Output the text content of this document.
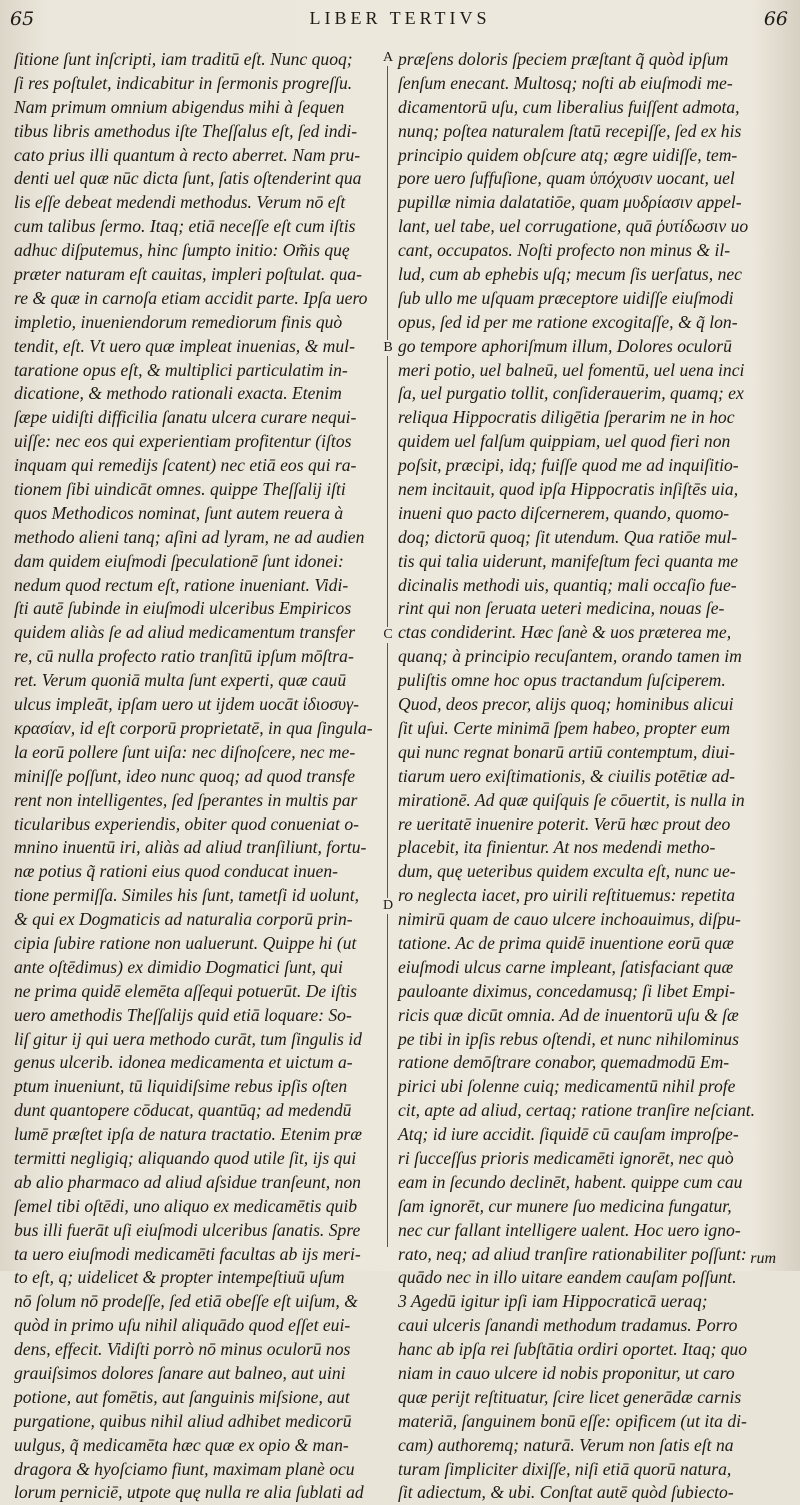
65	LIBER TERTIVS	66
ſitione ſunt inſcripti, iam traditū eſt. Nunc quoq;
ſi res poſtulet, indicabitur in ſermonis progreſſu.
Nam primum omnium abigendus mihi à ſequen
tibus libris amethodus iſte Theſſalus eſt, ſed indi-
cato prius illi quantum à recto aberret. Nam pru-
denti uel quæ nūc dicta ſunt, ſatis oſtenderint qua
lis eſſe debeat medendi methodus. Verum nō eſt
cum talibus ſermo. Itaq; etiā neceſſe eſt cum iſtis
adhuc diſputemus, hinc ſumpto initio: Om̃is quę
præter naturam eſt cauitas, impleri poſtulat. qua-
re & quæ in carnoſa etiam accidit parte. Ipſa uero
impletio, inueniendorum remediorum finis quò
tendit, eſt. Vt uero quæ impleat inuenias, & mul-
taratione opus eſt, & multiplici particulatim in-
dicatione, & methodo rationali exacta. Etenim
ſæpe uidiſti difficilia ſanatu ulcera curare nequi-
uiſſe: nec eos qui experientiam profitentur (iſtos
inquam qui remedijs ſcatent) nec etiā eos qui ra-
tionem ſibi uindicāt omnes. quippe Theſſalij iſti
quos Methodicos nominat, ſunt autem reuera à
methodo alieni tanq; aſini ad lyram, ne ad audien
dam quidem eiuſmodi ſpeculationē ſunt idonei:
nedum quod rectum eſt, ratione inueniant. Vidi-
ſti autē ſubinde in eiuſmodi ulceribus Empiricos
quidem aliàs ſe ad aliud medicamentum transfer
re, cū nulla profecto ratio tranſitū ipſum mōſtra-
ret. Verum quoniā multa ſunt experti, quæ cauū
ulcus impleāt, ipſam uero ut ijdem uocāt ἰδιοσυγ-
κρασίαν, id eſt corporū proprietatē, in qua ſingula-
la eorū pollere ſunt uiſa: nec diſnoſcere, nec me-
miniſſe poſſunt, ideo nunc quoq; ad quod transfe
rent non intelligentes, ſed ſperantes in multis par
ticularibus experiendis, obiter quod conueniat o-
mnino inuentū iri, aliàs ad aliud tranſiliunt, fortu-
næ potius q̃ rationi eius quod conducat inuen-
tione permiſſa. Similes his ſunt, tametſi id uolunt,
& qui ex Dogmaticis ad naturalia corporū prin-
cipia ſubire ratione non ualuerunt. Quippe hi (ut
ante oſtēdimus) ex dimidio Dogmatici ſunt, qui
ne prima quidē elemēta aſſequi potuerūt. De iſtis
uero amethodis Theſſalijs quid etiā loquare: So-
liſ gitur ij qui uera methodo curāt, tum ſingulis id
genus ulcerib. idonea medicamenta et uictum a-
ptum inueniunt, tū liquidiſsime rebus ipſis oſten
dunt quantopere cōducat, quantūq; ad medendū
lumē præſtet ipſa de natura tractatio. Etenim præ
termitti negligiq; aliquando quod utile ſit, ijs qui
ab alio pharmaco ad aliud aſsidue tranſeunt, non
ſemel tibi oſtēdi, uno aliquo ex medicamētis quib
bus illi fuerāt uſi eiuſmodi ulceribus ſanatis. Spre
ta uero eiuſmodi medicamēti facultas ab ijs meri-
to eſt, q; uidelicet & propter intempeſtiuū uſum
nō ſolum nō prodeſſe, ſed etiā obeſſe eſt uiſum, &
quòd in primo uſu nihil aliquādo quod eſſet eui-
dens, effecit. Vidiſti porrò nō minus oculorū nos
grauiſsimos dolores ſanare aut balneo, aut uini
potione, aut fomētis, aut ſanguinis miſsione, aut
purgatione, quibus nihil aliud adhibet medicorū
uulgus, q̃ medicamēta hæc quæ ex opio & man-
dragora & hyoſciamo fiunt, maximam planè ocu
lorum perniciē, utpote quę nulla re alia ſublati ad
A
B
C
D
præſens doloris ſpeciem præſtant q̃ quòd ipſum
ſenſum enecant. Multosq; noſti ab eiuſmodi me-
dicamentorū uſu, cum liberalius fuiſſent admota,
nunq; poſtea naturalem ſtatū recepiſſe, ſed ex his
principio quidem obſcure atq; ægre uidiſſe, tem-
pore uero ſuffuſione, quam ὑπόχυσιν uocant, uel
pupillæ nimia dalatatiōe, quam μυδρίασιν appel-
lant, uel tabe, uel corrugatione, quā ῥυτίδωσιν uo
cant, occupatos. Noſti profecto non minus & il-
lud, cum ab ephebis uſq; mecum ſis uerſatus, nec
ſub ullo me uſquam præceptore uidiſſe eiuſmodi
opus, ſed id per me ratione excogitaſſe, & q̃ lon-
go tempore aphoriſmum illum, Dolores oculorū
meri potio, uel balneū, uel fomentū, uel uena inci
ſa, uel purgatio tollit, conſiderauerim, quamq; ex
reliqua Hippocratis diligētia ſperarim ne in hoc
quidem uel falſum quippiam, uel quod fieri non
poſsit, præcipi, idq; fuiſſe quod me ad inquiſitio-
nem incitauit, quod ipſa Hippocratis inſiſtēs uia,
inueni quo pacto diſcernerem, quando, quomo-
doq; dictorū quoq; ſit utendum. Qua ratiōe mul-
tis qui talia uiderunt, manifeſtum feci quanta me
dicinalis methodi uis, quantiq; mali occaſio fue-
rint qui non ſeruata ueteri medicina, nouas ſe-
ctas condiderint. Hæc ſanè & uos præterea me,
quanq; à principio recuſantem, orando tamen im
puliſtis omne hoc opus tractandum ſuſciperem.
Quod, deos precor, alijs quoq; hominibus alicui
ſit uſui. Certe minimā ſpem habeo, propter eum
qui nunc regnat bonarū artiū contemptum, diui-
tiarum uero exiſtimationis, & ciuilis potētiæ ad-
mirationē. Ad quæ quiſquis ſe cōuertit, is nulla in
re ueritatē inuenire poterit. Verū hæc prout deo
placebit, ita finientur. At nos medendi metho-
dum, quę ueteribus quidem exculta eſt, nunc ue-
ro neglecta iacet, pro uirili reſtituemus: repetita
nimirū quam de cauo ulcere inchoauimus, diſpu-
tatione. Ac de prima quidē inuentione eorū quæ
eiuſmodi ulcus carne impleant, ſatisfaciant quæ
pauloante diximus, concedamusq; ſi libet Empi-
ricis quæ dicūt omnia. Ad de inuentorū uſu & ſæ
pe tibi in ipſis rebus oſtendi, et nunc nihilominus
ratione demōſtrare conabor, quemadmodū Em-
pirici ubi ſolenne cuiq; medicamentū nihil profe
cit, apte ad aliud, certaq; ratione tranſire neſciant.
Atq; id iure accidit. ſiquidē cū cauſam improſpe-
ri ſucceſſus prioris medicamēti ignorēt, nec quò
eam in ſecundo declinēt, habent. quippe cum cau
ſam ignorēt, cur munere ſuo medicina fungatur,
nec cur fallant intelligere ualent. Hoc uero igno-
rato, neq; ad aliud tranſire rationabiliter poſſunt:
quādo nec in illo uitare eandem cauſam poſſunt.
3 Agedū igitur ipſi iam Hippocraticā ueraq;
caui ulceris ſanandi methodum tradamus. Porro
hanc ab ipſa rei ſubſtātia ordiri oportet. Itaq; quo
niam in cauo ulcere id nobis proponitur, ut caro
quæ perijt reſtituatur, ſcire licet generādæ carnis
materiā, ſanguinem bonū eſſe: opificem (ut ita di-
cam) authoremq; naturā. Verum non ſatis eſt na
turam ſimpliciter dixiſſe, niſi etiā quorū natura,
ſit adiectum, & ubi. Conſtat autē quòd ſubiecto-
rum
